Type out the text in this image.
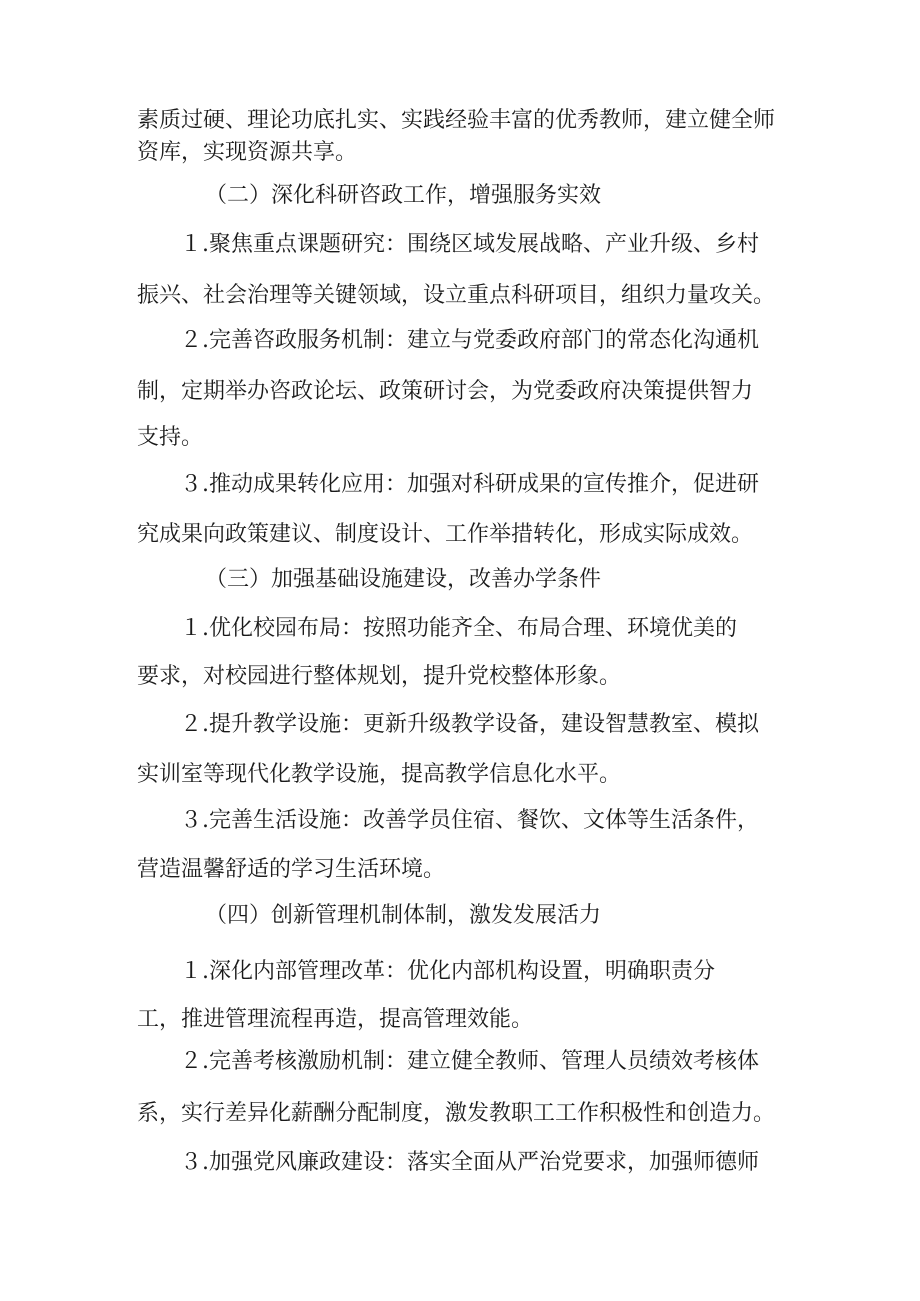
素质过硬、理论功底扎实、实践经验丰富的优秀教师，建立健全师
资库，实现资源共享。
（二）深化科研咨政工作，增强服务实效
１.聚焦重点课题研究：围绕区域发展战略、产业升级、乡村
振兴、社会治理等关键领域，设立重点科研项目，组织力量攻关。
２.完善咨政服务机制：建立与党委政府部门的常态化沟通机
制，定期举办咨政论坛、政策研讨会，为党委政府决策提供智力
支持。
３.推动成果转化应用：加强对科研成果的宣传推介，促进研
究成果向政策建议、制度设计、工作举措转化，形成实际成效。
（三）加强基础设施建设，改善办学条件
１.优化校园布局：按照功能齐全、布局合理、环境优美的
要求，对校园进行整体规划，提升党校整体形象。
２.提升教学设施：更新升级教学设备，建设智慧教室、模拟
实训室等现代化教学设施，提高教学信息化水平。
３.完善生活设施：改善学员住宿、餐饮、文体等生活条件，
营造温馨舒适的学习生活环境。
（四）创新管理机制体制，激发发展活力
１.深化内部管理改革：优化内部机构设置，明确职责分
工，推进管理流程再造，提高管理效能。
２.完善考核激励机制：建立健全教师、管理人员绩效考核体
系，实行差异化薪酬分配制度，激发教职工工作积极性和创造力。
３.加强党风廉政建设：落实全面从严治党要求，加强师德师
